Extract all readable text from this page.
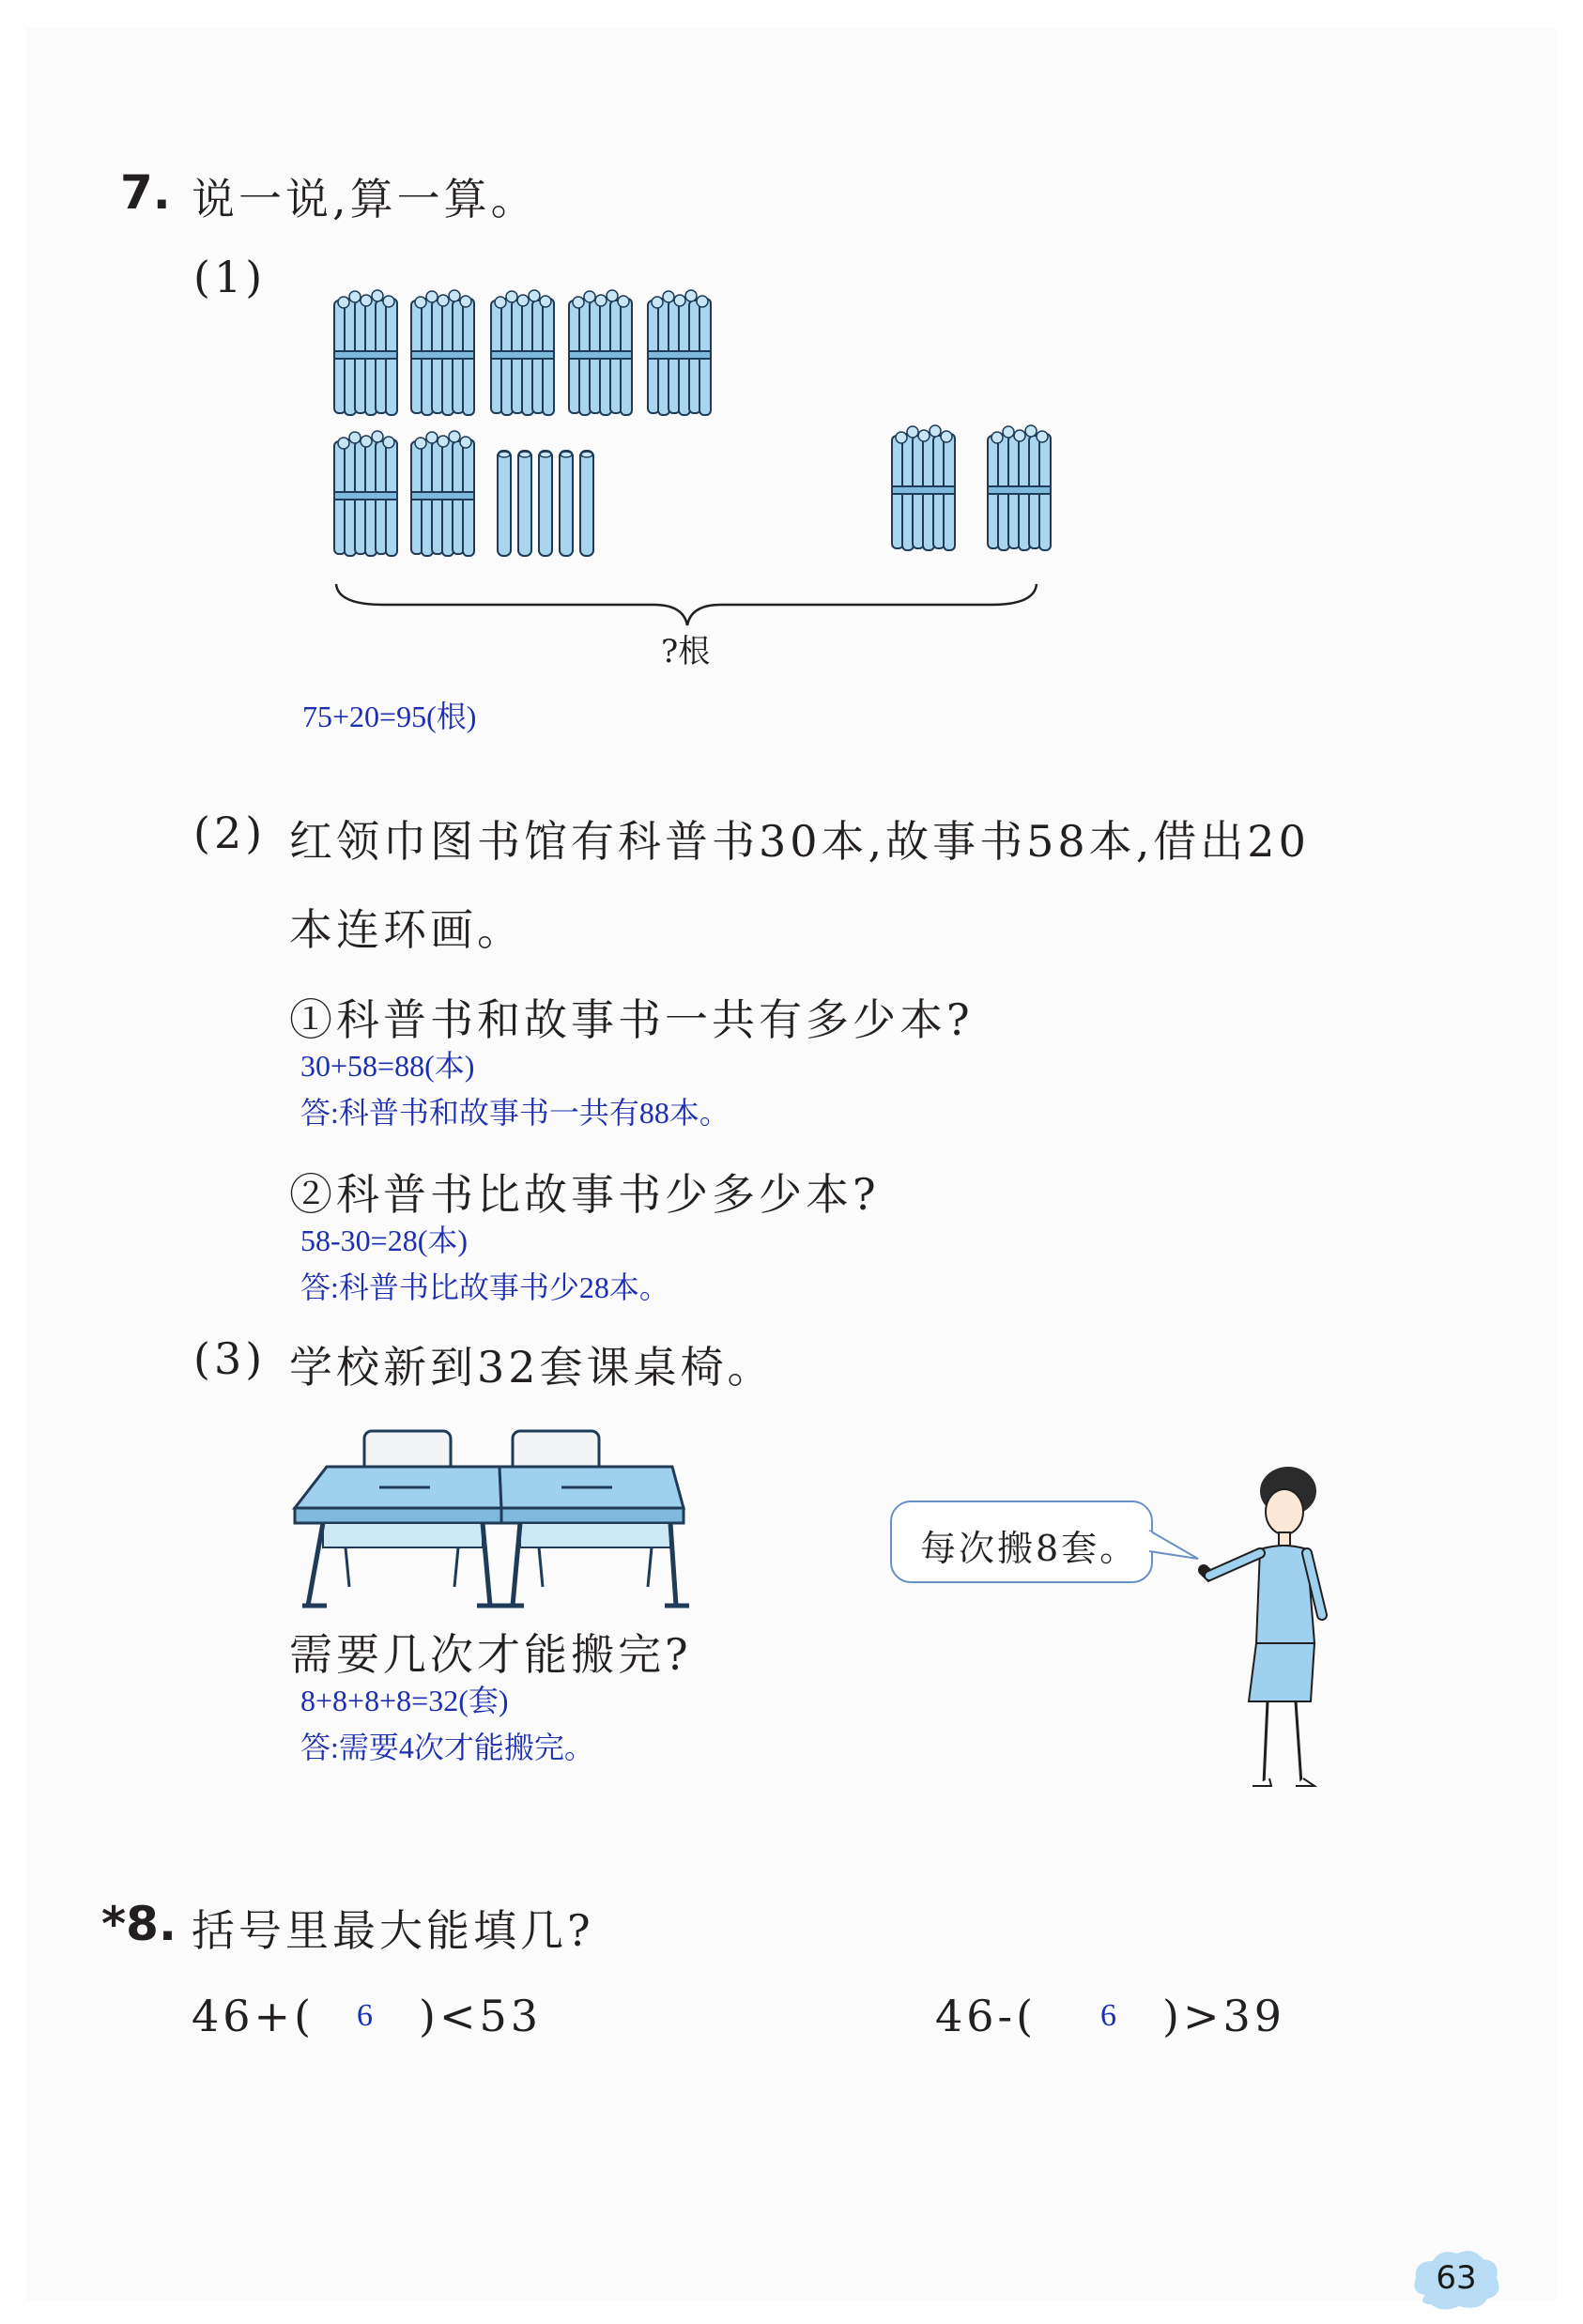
7. 说一说,算一算。
(1)
?根
75+20=95(根)
(2) 红领巾图书馆有科普书30本,故事书58本,借出20
本连环画。
①科普书和故事书一共有多少本?
30+58=88(本)
答:科普书和故事书一共有88本。
②科普书比故事书少多少本?
58-30=28(本)
答:科普书比故事书少28本。
(3) 学校新到32套课桌椅。
每次搬8套。
需要几次才能搬完?
8+8+8+8=32(套)
答:需要4次才能搬完。
*8. 括号里最大能填几?
46+( 6 )<53	46-( 6 )>39
63
